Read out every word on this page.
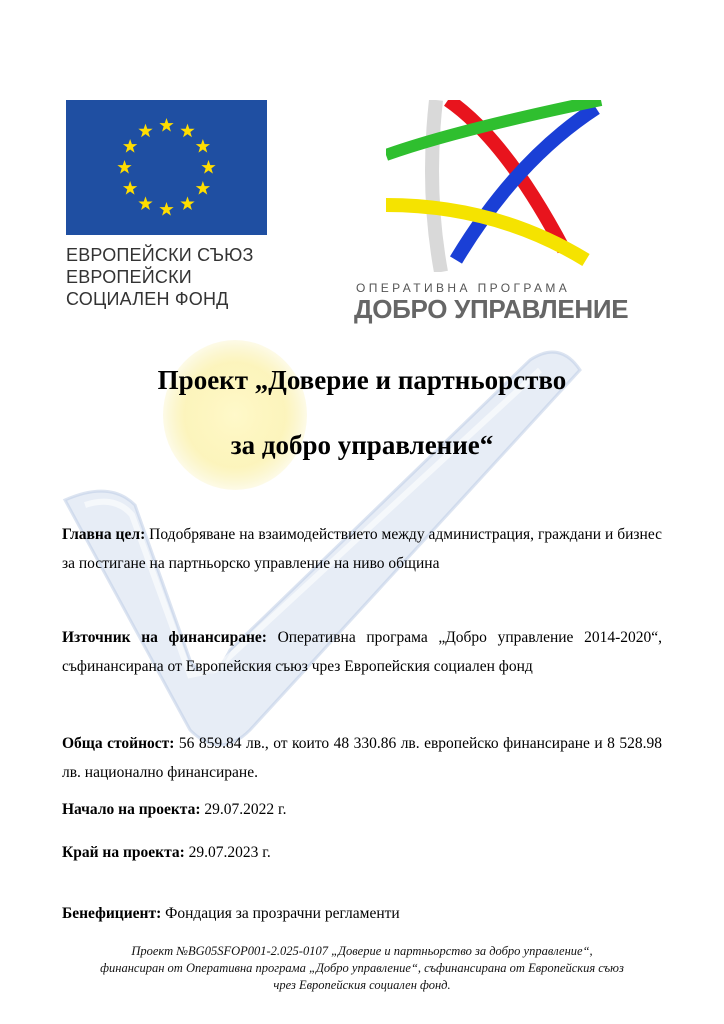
ЕВРОПЕЙСКИ СЪЮЗ
ЕВРОПЕЙСКИ
СОЦИАЛЕН ФОНД
ОПЕРАТИВНА ПРОГРАМА
ДОБРО УПРАВЛЕНИЕ
Проект „Доверие и партньорство
за добро управление“
Главна цел: Подобряване на взаимодействието между администрация, граждани и бизнес за постигане на партньорско управление на ниво община
Източник на финансиране: Оперативна програма „Добро управление 2014-2020“, съфинансирана от Европейския съюз чрез Европейския социален фонд
Обща стойност: 56 859.84 лв., от които 48 330.86 лв. европейско финансиране и 8 528.98 лв. национално финансиране.
Начало на проекта: 29.07.2022 г.
Край на проекта: 29.07.2023 г.
Бенефициент: Фондация за прозрачни регламенти
Проект №BG05SFOP001-2.025-0107 „Доверие и партньорство за добро управление“,
финансиран от Оперативна програма „Добро управление“, съфинансирана от Европейския съюз
чрез Европейския социален фонд.
